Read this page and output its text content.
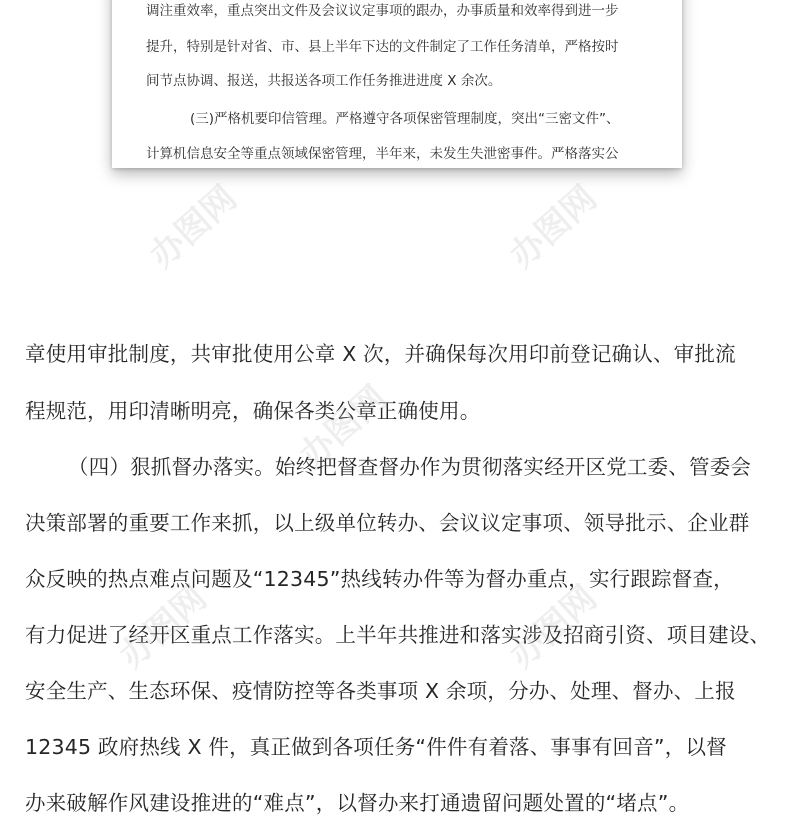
调注重效率，重点突出文件及会议议定事项的跟办，办事质量和效率得到进一步
提升，特别是针对省、市、县上半年下达的文件制定了工作任务清单，严格按时
间节点协调、报送，共报送各项工作任务推进进度 X 余次。
(三)严格机要印信管理。严格遵守各项保密管理制度，突出“三密文件”、
计算机信息安全等重点领域保密管理，半年来，未发生失泄密事件。严格落实公
章使用审批制度，共审批使用公章 X 次，并确保每次用印前登记确认、审批流
程规范，用印清晰明亮，确保各类公章正确使用。
（四）狠抓督办落实。始终把督查督办作为贯彻落实经开区党工委、管委会
决策部署的重要工作来抓，以上级单位转办、会议议定事项、领导批示、企业群
众反映的热点难点问题及“12345”热线转办件等为督办重点，实行跟踪督查，
有力促进了经开区重点工作落实。上半年共推进和落实涉及招商引资、项目建设、
安全生产、生态环保、疫情防控等各类事项 X 余项，分办、处理、督办、上报
12345 政府热线 X 件，真正做到各项任务“件件有着落、事事有回音”，以督
办来破解作风建设推进的“难点”，以督办来打通遗留问题处置的“堵点”。
办图网	办图网
办图网
办图网	办图网
